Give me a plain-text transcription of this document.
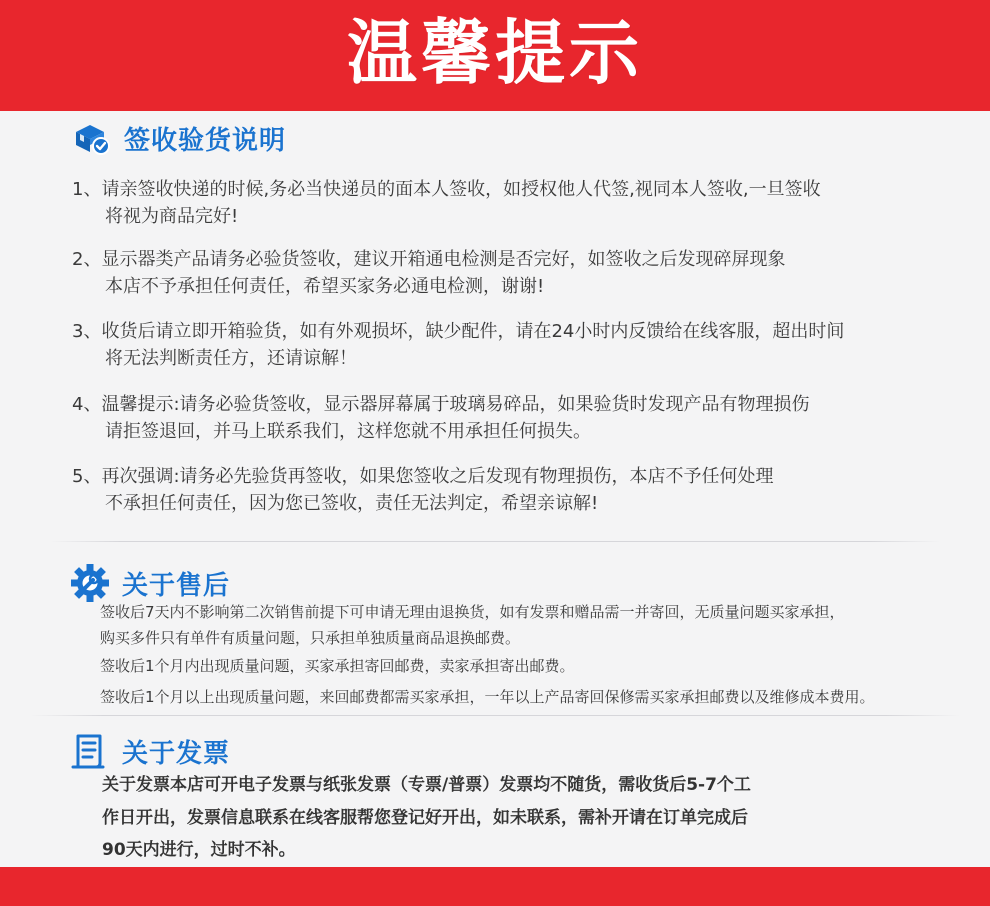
温馨提示
签收验货说明
1、请亲签收快递的时候,务必当快递员的面本人签收，如授权他人代签,视同本人签收,一旦签收
将视为商品完好!
2、显示器类产品请务必验货签收，建议开箱通电检测是否完好，如签收之后发现碎屏现象
本店不予承担任何责任，希望买家务必通电检测，谢谢!
3、收货后请立即开箱验货，如有外观损坏，缺少配件，请在24小时内反馈给在线客服，超出时间
将无法判断责任方，还请谅解！
4、温馨提示:请务必验货签收，显示器屏幕属于玻璃易碎品，如果验货时发现产品有物理损伤
请拒签退回，并马上联系我们，这样您就不用承担任何损失。
5、再次强调:请务必先验货再签收，如果您签收之后发现有物理损伤，本店不予任何处理
不承担任何责任，因为您已签收，责任无法判定，希望亲谅解!
关于售后
签收后7天内不影响第二次销售前提下可申请无理由退换货，如有发票和赠品需一并寄回，无质量问题买家承担，
购买多件只有单件有质量问题，只承担单独质量商品退换邮费。
签收后1个月内出现质量问题，买家承担寄回邮费，卖家承担寄出邮费。
签收后1个月以上出现质量问题，来回邮费都需买家承担，一年以上产品寄回保修需买家承担邮费以及维修成本费用。
关于发票
关于发票本店可开电子发票与纸张发票（专票/普票）发票均不随货，需收货后5-7个工
作日开出，发票信息联系在线客服帮您登记好开出，如未联系，需补开请在订单完成后
90天内进行，过时不补。
